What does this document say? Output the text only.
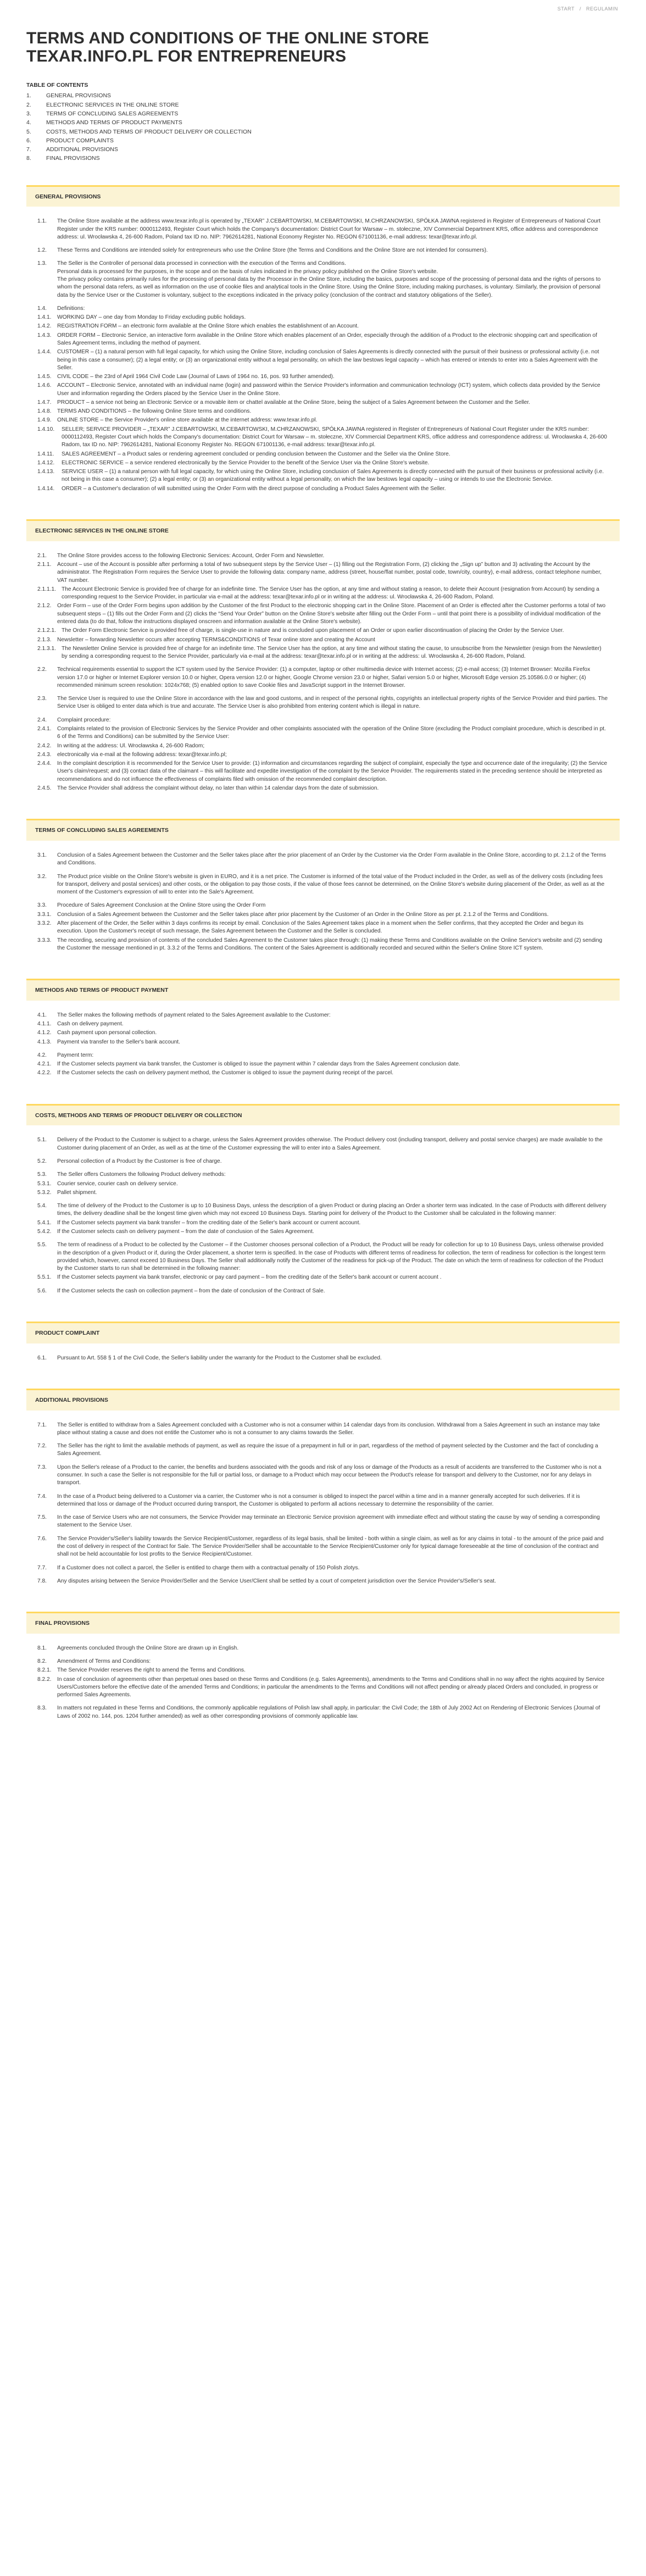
START / REGULAMIN
TERMS AND CONDITIONS OF THE ONLINE STORE
TEXAR.INFO.PL FOR ENTREPRENEURS
TABLE OF CONTENTS
1.	GENERAL PROVISIONS
2.	ELECTRONIC SERVICES IN THE ONLINE STORE
3.	TERMS OF CONCLUDING SALES AGREEMENTS
4.	METHODS AND TERMS OF PRODUCT PAYMENTS
5.	COSTS, METHODS AND TERMS OF PRODUCT DELIVERY OR COLLECTION
6.	PRODUCT COMPLAINTS
7.	ADDITIONAL PROVISIONS
8.	FINAL PROVISIONS
GENERAL PROVISIONS
1.1.	The Online Store available at the address www.texar.info.pl is operated by „TEXAR” J.CEBARTOWSKI, M.CEBARTOWSKI, M.CHRZANOWSKI, SPÓŁKA JAWNA registered in Register of Entrepreneurs of National Court Register under the KRS number: 0000112493, Register Court which holds the Company's documentation: District Court for Warsaw – m. stołeczne, XIV Commercial Department KRS, office address and correspondence address: ul. Wrocławska 4, 26-600 Radom, Poland tax ID no. NIP: 7962614281, National Economy Register No. REGON 671001136, e-mail address: texar@texar.info.pl.

1.2.	These Terms and Conditions are intended solely for entrepreneurs who use the Online Store (the Terms and Conditions and the Online Store are not intended for consumers).

1.3.	The Seller is the Controller of personal data processed in connection with the execution of the Terms and Conditions.

Personal data is processed for the purposes, in the scope and on the basis of rules indicated in the privacy policy published on the Online Store's website.

The privacy policy contains primarily rules for the processing of personal data by the Processor in the Online Store, including the basics, purposes and scope of the processing of personal data and the rights of persons to whom the personal data refers, as well as information on the use of cookie files and analytical tools in the Online Store. Using the Online Store, including making purchases, is voluntary. Similarly, the provision of personal data by the Service User or the Customer is voluntary, subject to the exceptions indicated in the privacy policy (conclusion of the contract and statutory obligations of the Seller).

1.4.	Definitions:

1.4.1.	WORKING DAY – one day from Monday to Friday excluding public holidays.

1.4.2.	REGISTRATION FORM – an electronic form available at the Online Store which enables the establishment of an Account.

1.4.3.	ORDER FORM – Electronic Service, an interactive form available in the Online Store which enables placement of an Order, especially through the addition of a Product to the electronic shopping cart and specification of Sales Agreement terms, including the method of payment.

1.4.4.	CUSTOMER – (1) a natural person with full legal capacity, for which using the Online Store, including conclusion of Sales Agreements is directly connected with the pursuit of their business or professional activity (i.e. not being in this case a consumer); (2) a legal entity; or (3) an organizational entity without a legal personality, on which the law bestows legal capacity – which has entered or intends to enter into a Sales Agreement with the Seller.

1.4.5.	CIVIL CODE – the 23rd of April 1964 Civil Code Law (Journal of Laws of 1964 no. 16, pos. 93 further amended).

1.4.6.	ACCOUNT – Electronic Service, annotated with an individual name (login) and password within the Service Provider's information and communication technology (ICT) system, which collects data provided by the Service User and information regarding the Orders placed by the Service User in the Online Store.

1.4.7.	PRODUCT – a service not being an Electronic Service or a movable item or chattel available at the Online Store, being the subject of a Sales Agreement between the Customer and the Seller.

1.4.8.	TERMS AND CONDITIONS – the following Online Store terms and conditions.

1.4.9.	ONLINE STORE – the Service Provider's online store available at the internet address: www.texar.info.pl.

1.4.10.	SELLER; SERVICE PROVIDER – „TEXAR” J.CEBARTOWSKI, M.CEBARTOWSKI, M.CHRZANOWSKI, SPÓŁKA JAWNA registered in Register of Entrepreneurs of National Court Register under the KRS number: 0000112493, Register Court which holds the Company's documentation: District Court for Warsaw – m. stołeczne, XIV Commercial Department KRS, office address and correspondence address: ul. Wrocławska 4, 26-600 Radom, tax ID no. NIP: 7962614281, National Economy Register No. REGON 671001136, e-mail address: texar@texar.info.pl.

1.4.11.	SALES AGREEMENT – a Product sales or rendering agreement concluded or pending conclusion between the Customer and the Seller via the Online Store.

1.4.12.	ELECTRONIC SERVICE – a service rendered electronically by the Service Provider to the benefit of the Service User via the Online Store's website.

1.4.13.	SERVICE USER – (1) a natural person with full legal capacity, for which using the Online Store, including conclusion of Sales Agreements is directly connected with the pursuit of their business or professional activity (i.e. not being in this case a consumer); (2) a legal entity; or (3) an organizational entity without a legal personality, on which the law bestows legal capacity – using or intends to use the Electronic Service.

1.4.14.	ORDER – a Customer's declaration of will submitted using the Order Form with the direct purpose of concluding a Product Sales Agreement with the Seller.

ELECTRONIC SERVICES IN THE ONLINE STORE
2.1.	The Online Store provides access to the following Electronic Services: Account, Order Form and Newsletter.

2.1.1.	Account – use of the Account is possible after performing a total of two subsequent steps by the Service User – (1) filling out the Registration Form, (2) clicking the „Sign up” button and 3) activating the Account by the administrator. The Registration Form requires the Service User to provide the following data: company name, address (street, house/flat number, postal code, town/city, country), e-mail address, contact telephone number, VAT number.

2.1.1.1. The Account Electronic Service is provided free of charge for an indefinite time. The Service User has the option, at any time and without stating a reason, to delete their Account (resignation from Account) by sending a corresponding request to the Service Provider, in particular via e-mail at the address: texar@texar.info.pl or in writing at the address: ul. Wrocławska 4, 26-600 Radom, Poland.

2.1.2.	Order Form – use of the Order Form begins upon addition by the Customer of the first Product to the electronic shopping cart in the Online Store. Placement of an Order is effected after the Customer performs a total of two subsequent steps – (1) fills out the Order Form and (2) clicks the “Send Your Order” button on the Online Store's website after filling out the Order Form – until that point there is a possibility of individual modification of the entered data (to do that, follow the instructions displayed onscreen and information available at the Online Store's website).

2.1.2.1. The Order Form Electronic Service is provided free of charge, is single-use in nature and is concluded upon placement of an Order or upon earlier discontinuation of placing the Order by the Service User.

2.1.3.	Newsletter – forwarding Newsletter occurs after accepting TERMS&CONDITIONS of Texar online store and creating the Account

2.1.3.1. The Newsletter Online Service is provided free of charge for an indefinite time. The Service User has the option, at any time and without stating the cause, to unsubscribe from the Newsletter (resign from the Newsletter) by sending a corresponding request to the Service Provider, particularly via e-mail at the address: texar@texar.info.pl or in writing at the address: ul. Wrocławska 4, 26-600 Radom, Poland.

2.2.	Technical requirements essential to support the ICT system used by the Service Provider: (1) a computer, laptop or other multimedia device with Internet access; (2) e-mail access; (3) Internet Browser: Mozilla Firefox version 17.0 or higher or Internet Explorer version 10.0 or higher, Opera version 12.0 or higher, Google Chrome version 23.0 or higher, Safari version 5.0 or higher, Microsoft Edge version 25.10586.0.0 or higher; (4) recommended minimum screen resolution: 1024x768; (5) enabled option to save Cookie files and JavaScript support in the Internet Browser.

2.3.	The Service User is required to use the Online Store in accordance with the law and good customs, and in respect of the personal rights, copyrights an intellectual property rights of the Service Provider and third parties. The Service User is obliged to enter data which is true and accurate. The Service User is also prohibited from entering content which is illegal in nature.

2.4.	Complaint procedure:

2.4.1.	Complaints related to the provision of Electronic Services by the Service Provider and other complaints associated with the operation of the Online Store (excluding the Product complaint procedure, which is described in pt. 6 of the Terms and Conditions) can be submitted by the Service User:

2.4.2.	In writing at the address: Ul. Wrocławska 4, 26-600 Radom;

2.4.3.	electronically via e-mail at the following address: texar@texar.info.pl;

2.4.4.	In the complaint description it is recommended for the Service User to provide: (1) information and circumstances regarding the subject of complaint, especially the type and occurrence date of the irregularity; (2) the Service User's claim/request; and (3) contact data of the claimant – this will facilitate and expedite investigation of the complaint by the Service Provider. The requirements stated in the preceding sentence should be interpreted as recommendations and do not influence the effectiveness of complaints filed with omission of the recommended complaint description.

2.4.5.	The Service Provider shall address the complaint without delay, no later than within 14 calendar days from the date of submission.

TERMS OF CONCLUDING SALES AGREEMENTS
3.1.	Conclusion of a Sales Agreement between the Customer and the Seller takes place after the prior placement of an Order by the Customer via the Order Form available in the Online Store, according to pt. 2.1.2 of the Terms and Conditions.

3.2.	The Product price visible on the Online Store's website is given in EURO, and it is a net price. The Customer is informed of the total value of the Product included in the Order, as well as of the delivery costs (including fees for transport, delivery and postal services) and other costs, or the obligation to pay those costs, if the value of those fees cannot be determined, on the Online Store's website during placement of the Order, as well as at the moment of the Customer's expression of will to enter into the Sale's Agreement.

3.3.	Procedure of Sales Agreement Conclusion at the Online Store using the Order Form

3.3.1.	Conclusion of a Sales Agreement between the Customer and the Seller takes place after prior placement by the Customer of an Order in the Online Store as per pt. 2.1.2 of the Terms and Conditions.

3.3.2.	After placement of the Order, the Seller within 3 days confirms its receipt by email. Conclusion of the Sales Agreement takes place in a moment when the Seller confirms, that they accepted the Order and begun its execution. Upon the Customer's receipt of such message, the Sales Agreement between the Customer and the Seller is concluded.

3.3.3.	The recording, securing and provision of contents of the concluded Sales Agreement to the Customer takes place through: (1) making these Terms and Conditions available on the Online Service's website and (2) sending the Customer the message mentioned in pt. 3.3.2 of the Terms and Conditions. The content of the Sales Agreement is additionally recorded and secured within the Seller's Online Store ICT system.

METHODS AND TERMS OF PRODUCT PAYMENT
4.1.	The Seller makes the following methods of payment related to the Sales Agreement available to the Customer:

4.1.1.	Cash on delivery payment.

4.1.2.	Cash payment upon personal collection.

4.1.3.	Payment via transfer to the Seller's bank account.

4.2.	Payment term:

4.2.1.	If the Customer selects payment via bank transfer, the Customer is obliged to issue the payment within 7 calendar days from the Sales Agreement conclusion date.

4.2.2.	If the Customer selects the cash on delivery payment method, the Customer is obliged to issue the payment during receipt of the parcel.

COSTS, METHODS AND TERMS OF PRODUCT DELIVERY OR COLLECTION
5.1.	Delivery of the Product to the Customer is subject to a charge, unless the Sales Agreement provides otherwise. The Product delivery cost (including transport, delivery and postal service charges) are made available to the Customer during placement of an Order, as well as at the time of the Customer expressing the will to enter into a Sales Agreement.

5.2.	Personal collection of a Product by the Customer is free of charge.

5.3.	The Seller offers Customers the following Product delivery methods:

5.3.1.	Courier service, courier cash on delivery service.

5.3.2.	Pallet shipment.

5.4.	The time of delivery of the Product to the Customer is up to 10 Business Days, unless the description of a given Product or during placing an Order a shorter term was indicated. In the case of Products with different delivery times, the delivery deadline shall be the longest time given which may not exceed 10 Business Days. Starting point for delivery of the Product to the Customer shall be calculated in the following manner:

5.4.1.	If the Customer selects payment via bank transfer – from the crediting date of the Seller's bank account or current account.

5.4.2.	If the Customer selects cash on delivery payment – from the date of conclusion of the Sales Agreement.

5.5.	The term of readiness of a Product to be collected by the Customer – if the Customer chooses personal collection of a Product, the Product will be ready for collection for up to 10 Business Days, unless otherwise provided in the description of a given Product or if, during the Order placement, a shorter term is specified. In the case of Products with different terms of readiness for collection, the term of readiness for collection is the longest term provided which, however, cannot exceed 10 Business Days. The Seller shall additionally notify the Customer of the readiness for pick-up of the Product. The date on which the term of readiness for collection of the Product by the Customer starts to run shall be determined in the following manner:

5.5.1.	If the Customer selects payment via bank transfer, electronic or pay card payment – from the crediting date of the Seller's bank account or current account .

5.6.	If the Customer selects the cash on collection payment – from the date of conclusion of the Contract of Sale.

PRODUCT COMPLAINT
6.1.	Pursuant to Art. 558 § 1 of the Civil Code, the Seller's liability under the warranty for the Product to the Customer shall be excluded.

ADDITIONAL PROVISIONS
7.1.	The Seller is entitled to withdraw from a Sales Agreement concluded with a Customer who is not a consumer within 14 calendar days from its conclusion. Withdrawal from a Sales Agreement in such an instance may take place without stating a cause and does not entitle the Customer who is not a consumer to any claims towards the Seller.

7.2.	The Seller has the right to limit the available methods of payment, as well as require the issue of a prepayment in full or in part, regardless of the method of payment selected by the Customer and the fact of concluding a Sales Agreement.

7.3.	Upon the Seller's release of a Product to the carrier, the benefits and burdens associated with the goods and risk of any loss or damage of the Products as a result of accidents are transferred to the Customer who is not a consumer. In such a case the Seller is not responsible for the full or partial loss, or damage to a Product which may occur between the Product's release for transport and delivery to the Customer, nor for any delays in transport.

7.4.	In the case of a Product being delivered to a Customer via a carrier, the Customer who is not a consumer is obliged to inspect the parcel within a time and in a manner generally accepted for such deliveries. If it is determined that loss or damage of the Product occurred during transport, the Customer is obligated to perform all actions necessary to determine the responsibility of the carrier.

7.5.	In the case of Service Users who are not consumers, the Service Provider may terminate an Electronic Service provision agreement with immediate effect and without stating the cause by way of sending a corresponding statement to the Service User.

7.6.	The Service Provider's/Seller's liability towards the Service Recipient/Customer, regardless of its legal basis, shall be limited - both within a single claim, as well as for any claims in total - to the amount of the price paid and the cost of delivery in respect of the Contract for Sale. The Service Provider/Seller shall be accountable to the Service Recipient/Customer only for typical damage foreseeable at the time of conclusion of the contract and shall not be held accountable for lost profits to the Service Recipient/Customer.

7.7.	If a Customer does not collect a parcel, the Seller is entitled to charge them with a contractual penalty of 150 Polish zlotys.

7.8.	Any disputes arising between the Service Provider/Seller and the Service User/Client shall be settled by a court of competent jurisdiction over the Service Provider's/Seller's seat.

FINAL PROVISIONS
8.1.	Agreements concluded through the Online Store are drawn up in English.

8.2.	Amendment of Terms and Conditions:

8.2.1.	The Service Provider reserves the right to amend the Terms and Conditions.

8.2.2.	In case of conclusion of agreements other than perpetual ones based on these Terms and Conditions (e.g. Sales Agreements), amendments to the Terms and Conditions shall in no way affect the rights acquired by Service Users/Customers before the effective date of the amended Terms and Conditions; in particular the amendments to the Terms and Conditions will not affect pending or already placed Orders and concluded, in progress or performed Sales Agreements.

8.3.	In matters not regulated in these Terms and Conditions, the commonly applicable regulations of Polish law shall apply, in particular: the Civil Code; the 18th of July 2002 Act on Rendering of Electronic Services (Journal of Laws of 2002 no. 144, pos. 1204 further amended) as well as other corresponding provisions of commonly applicable law.
